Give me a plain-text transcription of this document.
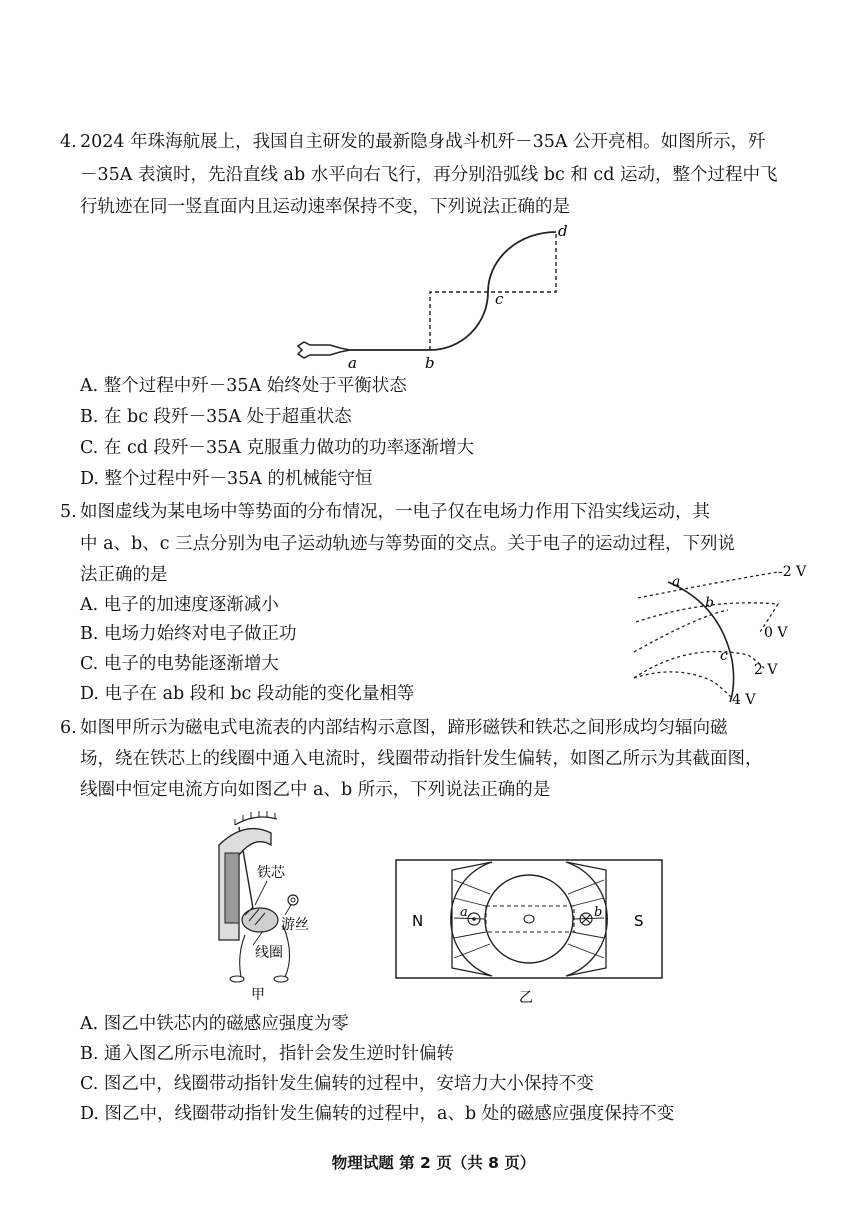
4. 2024 年珠海航展上，我国自主研发的最新隐身战斗机歼－35A 公开亮相。如图所示，歼
－35A 表演时，先沿直线 ab 水平向右飞行，再分别沿弧线 bc 和 cd 运动，整个过程中飞
行轨迹在同一竖直面内且运动速率保持不变，下列说法正确的是
a	b
c
d
A. 整个过程中歼－35A 始终处于平衡状态
B. 在 bc 段歼－35A 处于超重状态
C. 在 cd 段歼－35A 克服重力做功的功率逐渐增大
D. 整个过程中歼－35A 的机械能守恒
5. 如图虚线为某电场中等势面的分布情况，一电子仅在电场力作用下沿实线运动，其
中 a、b、c 三点分别为电子运动轨迹与等势面的交点。关于电子的运动过程，下列说
法正确的是
A. 电子的加速度逐渐减小
B. 电场力始终对电子做正功
C. 电子的电势能逐渐增大
D. 电子在 ab 段和 bc 段动能的变化量相等
a
b
c
-2 V
0 V
2 V
4 V
6. 如图甲所示为磁电式电流表的内部结构示意图，蹄形磁铁和铁芯之间形成均匀辐向磁
场，绕在铁芯上的线圈中通入电流时，线圈带动指针发生偏转，如图乙所示为其截面图，
线圈中恒定电流方向如图乙中 a、b 所示，下列说法正确的是
铁芯
游丝
线圈
甲
N	S
a	b
乙
A. 图乙中铁芯内的磁感应强度为零
B. 通入图乙所示电流时，指针会发生逆时针偏转
C. 图乙中，线圈带动指针发生偏转的过程中，安培力大小保持不变
D. 图乙中，线圈带动指针发生偏转的过程中，a、b 处的磁感应强度保持不变
物理试题 第 2 页（共 8 页）
